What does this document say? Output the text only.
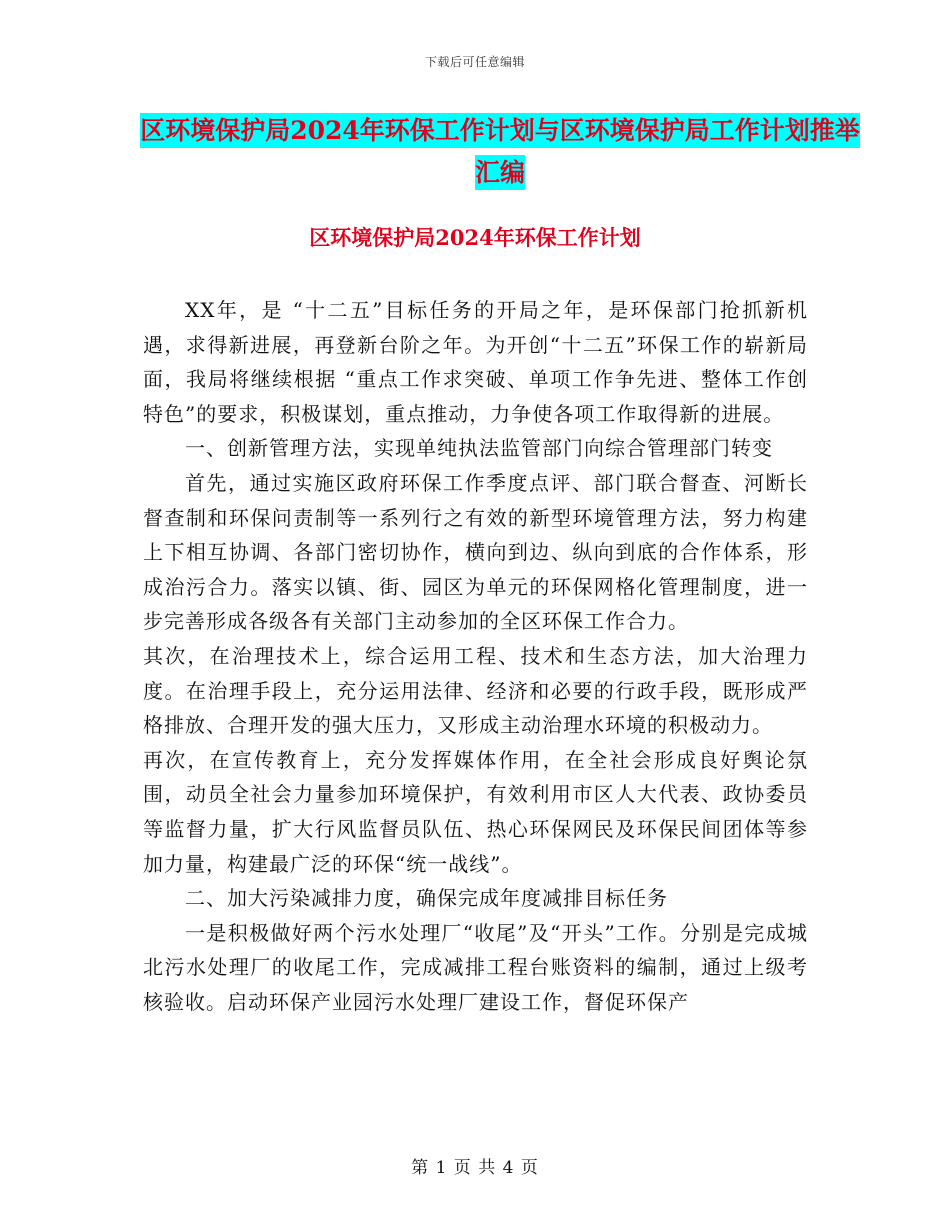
下载后可任意编辑
区环境保护局2024年环保工作计划与区环境保护局工作计划推举汇编
区环境保护局2024年环保工作计划

XX年，是 “十二五”目标任务的开局之年，是环保部门抢抓新机遇，求得新进展，再登新台阶之年。为开创“十二五”环保工作的崭新局面，我局将继续根据 “重点工作求突破、单项工作争先进、整体工作创特色”的要求，积极谋划，重点推动，力争使各项工作取得新的进展。

一、创新管理方法，实现单纯执法监管部门向综合管理部门转变

首先，通过实施区政府环保工作季度点评、部门联合督查、河断长督查制和环保问责制等一系列行之有效的新型环境管理方法，努力构建上下相互协调、各部门密切协作，横向到边、纵向到底的合作体系，形成治污合力。落实以镇、街、园区为单元的环保网格化管理制度，进一步完善形成各级各有关部门主动参加的全区环保工作合力。

其次，在治理技术上，综合运用工程、技术和生态方法，加大治理力度。在治理手段上，充分运用法律、经济和必要的行政手段，既形成严格排放、合理开发的强大压力，又形成主动治理水环境的积极动力。

再次，在宣传教育上，充分发挥媒体作用，在全社会形成良好舆论氛围，动员全社会力量参加环境保护，有效利用市区人大代表、政协委员等监督力量，扩大行风监督员队伍、热心环保网民及环保民间团体等参加力量，构建最广泛的环保“统一战线”。

二、加大污染减排力度，确保完成年度减排目标任务

一是积极做好两个污水处理厂“收尾”及“开头”工作。分别是完成城北污水处理厂的收尾工作，完成减排工程台账资料的编制，通过上级考核验收。启动环保产业园污水处理厂建设工作，督促环保产

第 1 页 共 4 页
